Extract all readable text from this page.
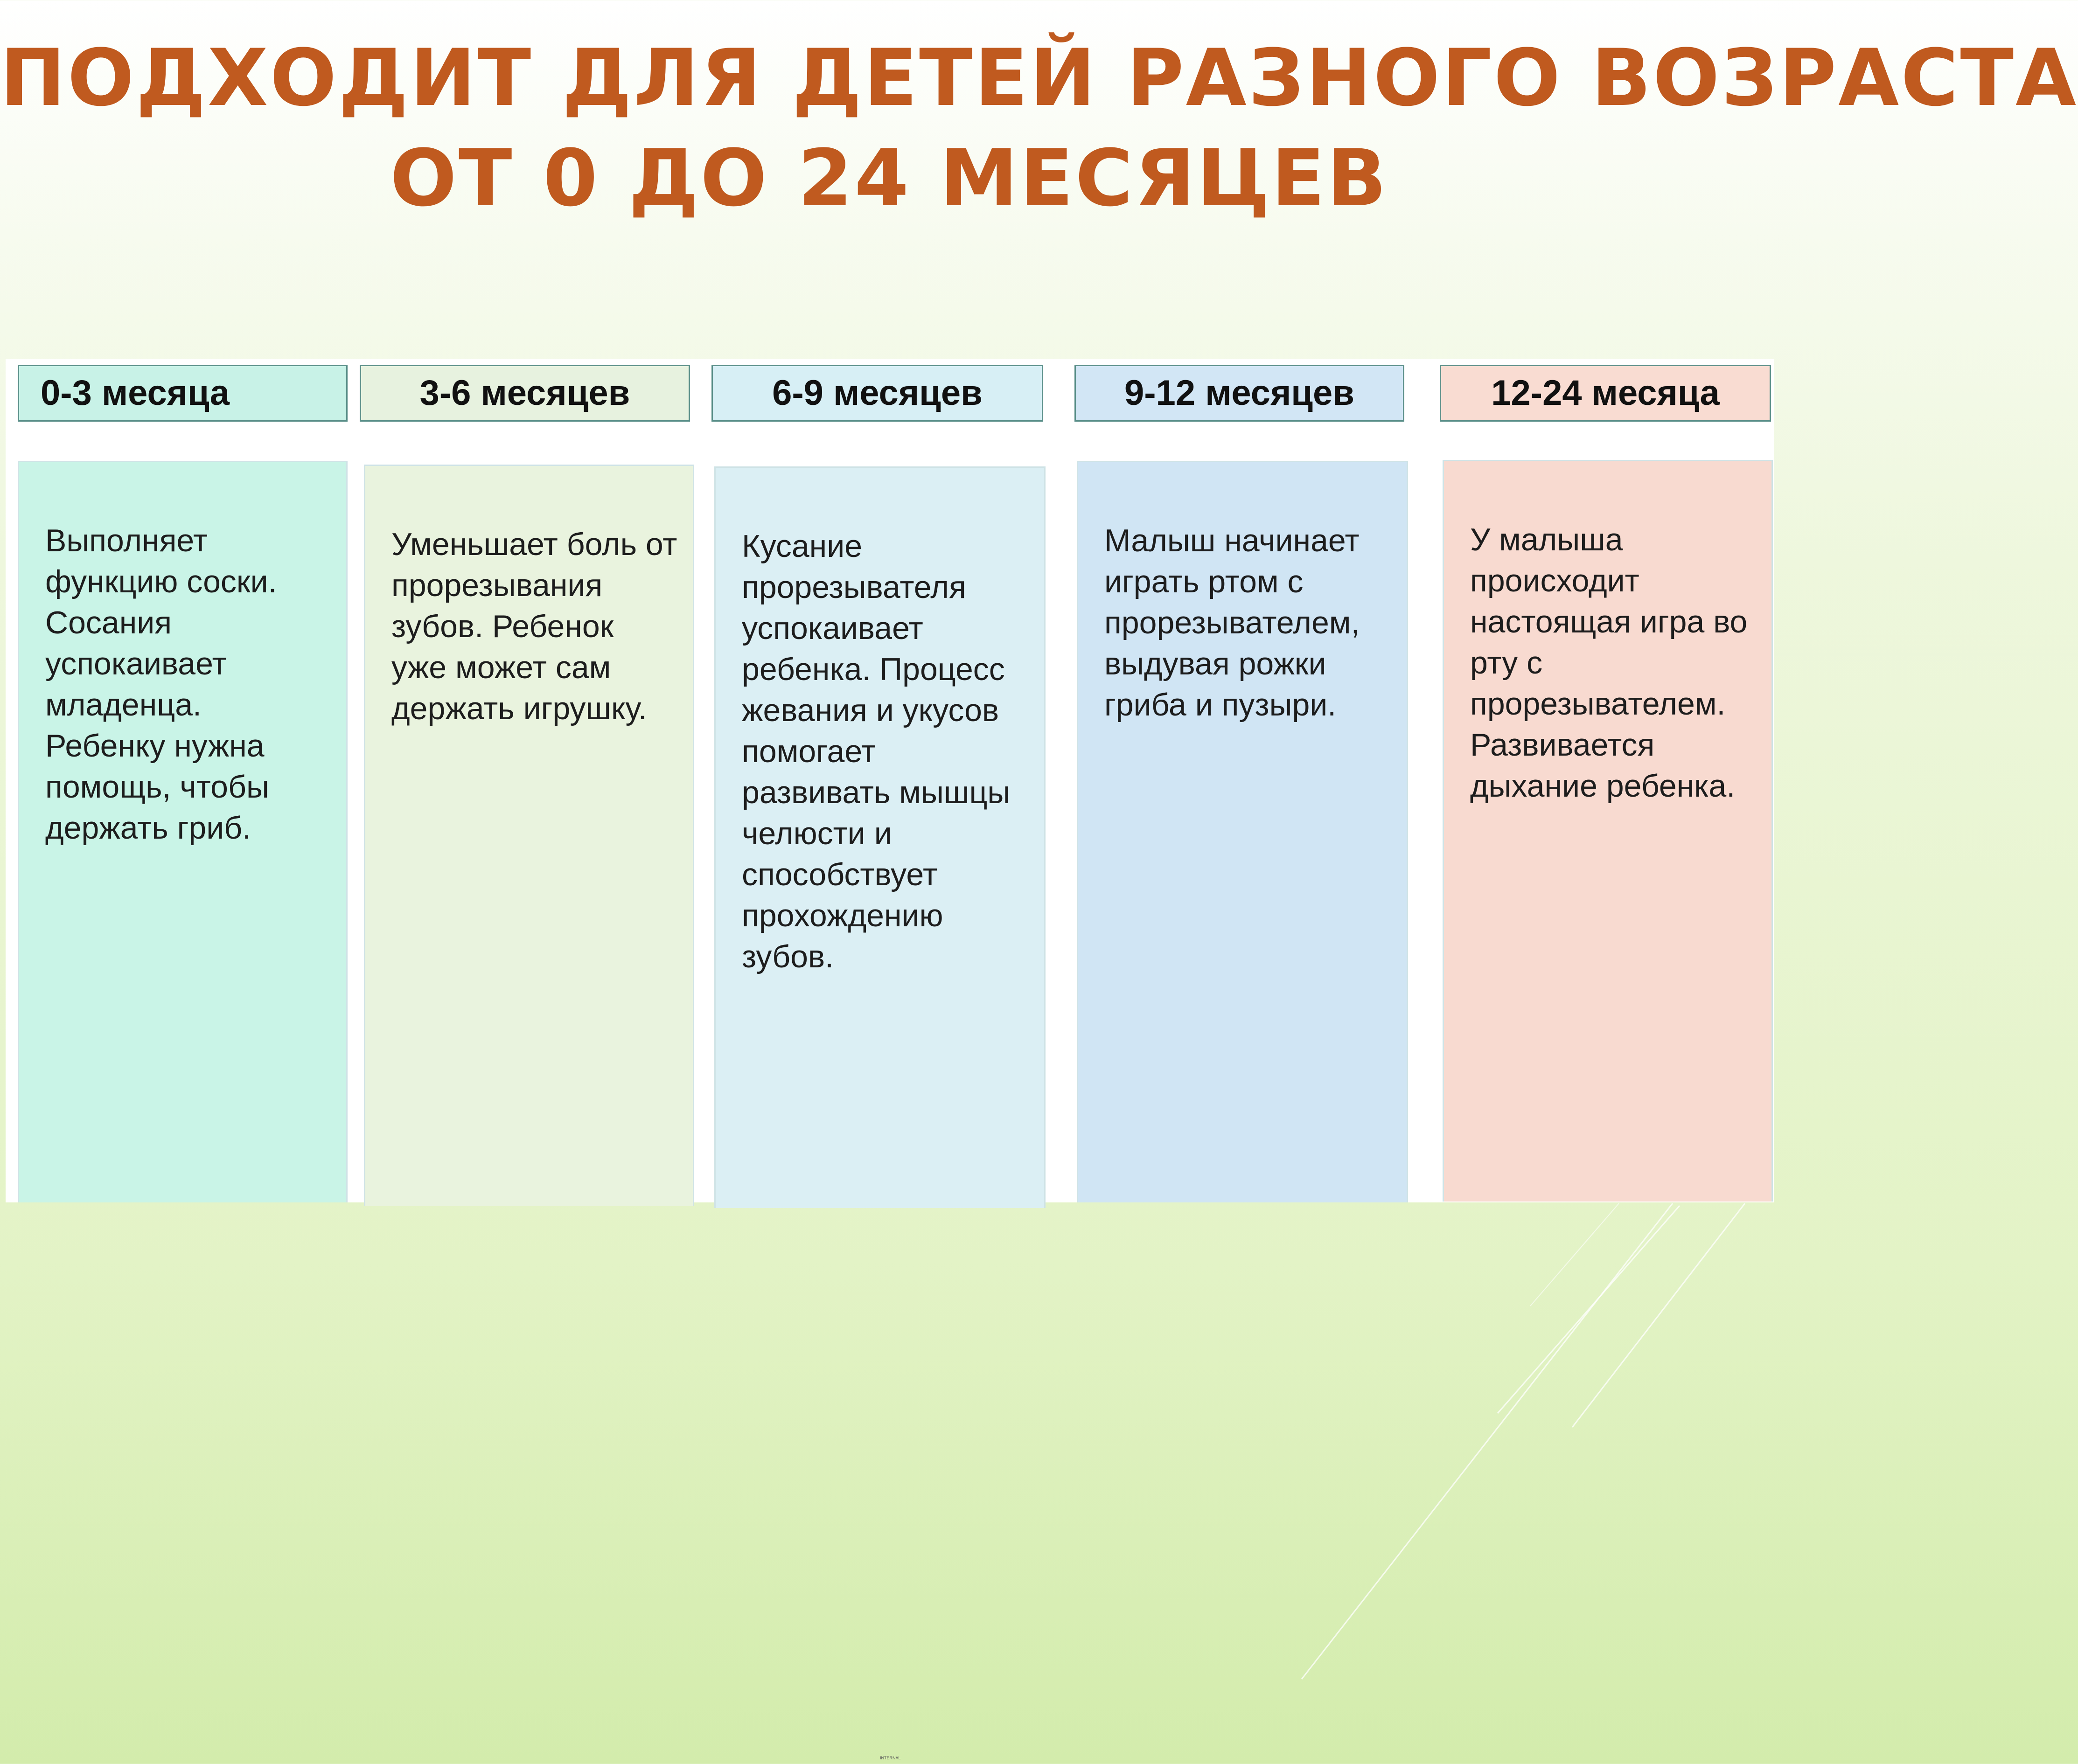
ПОДХОДИТ ДЛЯ ДЕТЕЙ РАЗНОГО ВОЗРАСТА
ОТ 0 ДО 24 МЕСЯЦЕВ
0-3 месяца

Выполняет
функцию соски.
Сосания
успокаивает
младенца.
Ребенку нужна
помощь, чтобы
держать гриб.

3-6 месяцев

Уменьшает боль от
прорезывания
зубов. Ребенок
уже может сам
держать игрушку.

6-9 месяцев

Кусание
прорезывателя
успокаивает
ребенка. Процесс
жевания и укусов
помогает
развивать мышцы
челюсти и
способствует
прохождению
зубов.

9-12 месяцев

Малыш начинает
играть ртом с
прорезывателем,
выдувая рожки
гриба и пузыри.

12-24 месяца

У малыша
происходит
настоящая игра во
рту с
прорезывателем.
Развивается
дыхание ребенка.

INTERNAL
